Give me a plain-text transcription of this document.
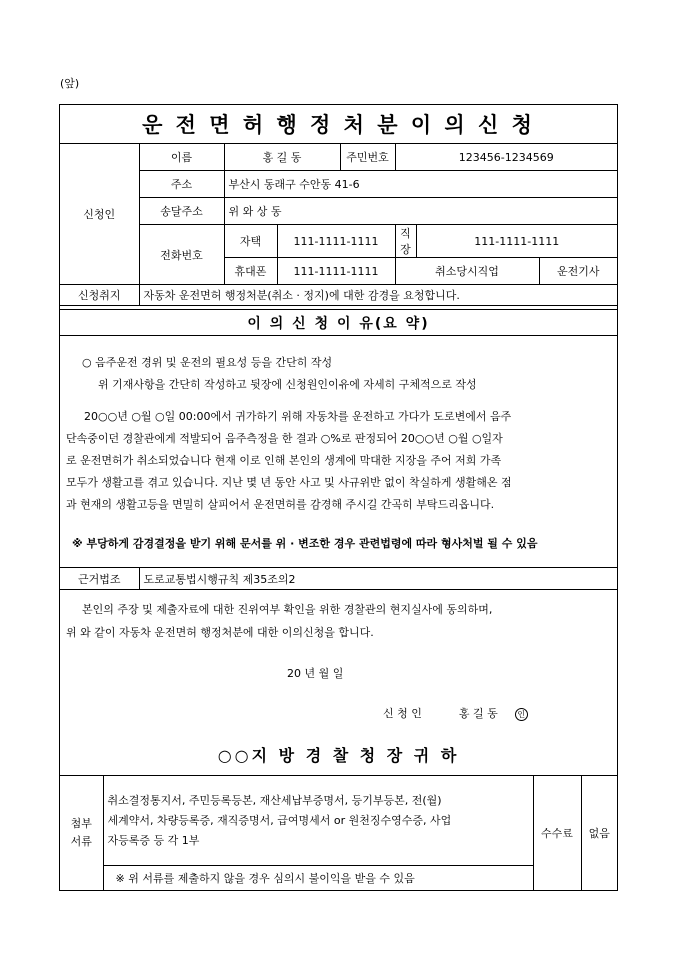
(앞)
운 전 면 허 행 정 처 분 이 의 신 청
신청인	이름	홍 길 동		주민번호	123456-1234569		
	주소	부산시 동래구 수안동 41-6					
	송달주소	위 와 상 동					
	전화번호	자택	111-1111-1111		직장	111-1111-1111	
		휴대폰	111-1111-1111		취소당시직업		운전기사
신청취지	자동차 운전면허 행정처분(취소 · 정지)에 대한 감경을 요청합니다.						
이 의 신 청 이 유(요 약)
○ 음주운전 경위 및 운전의 필요성 등을 간단히 작성
위 기재사항을 간단히 작성하고 뒷장에 신청원인이유에 자세히 구체적으로 작성
20○○년 ○월 ○일 00:00에서 귀가하기 위해 자동차를 운전하고 가다가 도로변에서 음주
단속중이던 경찰관에게 적발되어 음주측정을 한 결과 ○%로 판정되어 20○○년 ○월 ○일자
로 운전면허가 취소되었습니다 현재 이로 인해 본인의 생계에 막대한 지장을 주어 저희 가족
모두가 생활고를 겪고 있습니다. 지난 몇 년 동안 사고 및 사규위반 없이 착실하게 생활해온 점
과 현재의 생활고등을 면밀히 살피어서 운전면허를 감경해 주시길 간곡히 부탁드리옵니다.
※ 부당하게 감경결정을 받기 위해 문서를 위 · 변조한 경우 관련법령에 따라 형사처벌 될 수 있음
근거법조	도로교통법시행규칙 제35조의2
본인의 주장 및 제출자료에 대한 진위여부 확인을 위한 경찰관의 현지실사에 동의하며,
위 와 같이 자동차 운전면허 행정처분에 대한 이의신청을 합니다.
20 년 월 일
신 청 인	홍 길 동 인
○○지 방 경 찰 청 장 귀 하
첨부
서류

취소결정통지서, 주민등록등본, 재산세납부증명서, 등기부등본, 전(월)
세계약서, 차량등록증, 재직증명서, 급여명세서 or 원천징수영수증, 사업
자등록증 등 각 1부	수수료	없음
※ 위 서류를 제출하지 않을 경우 심의시 불이익을 받을 수 있음
